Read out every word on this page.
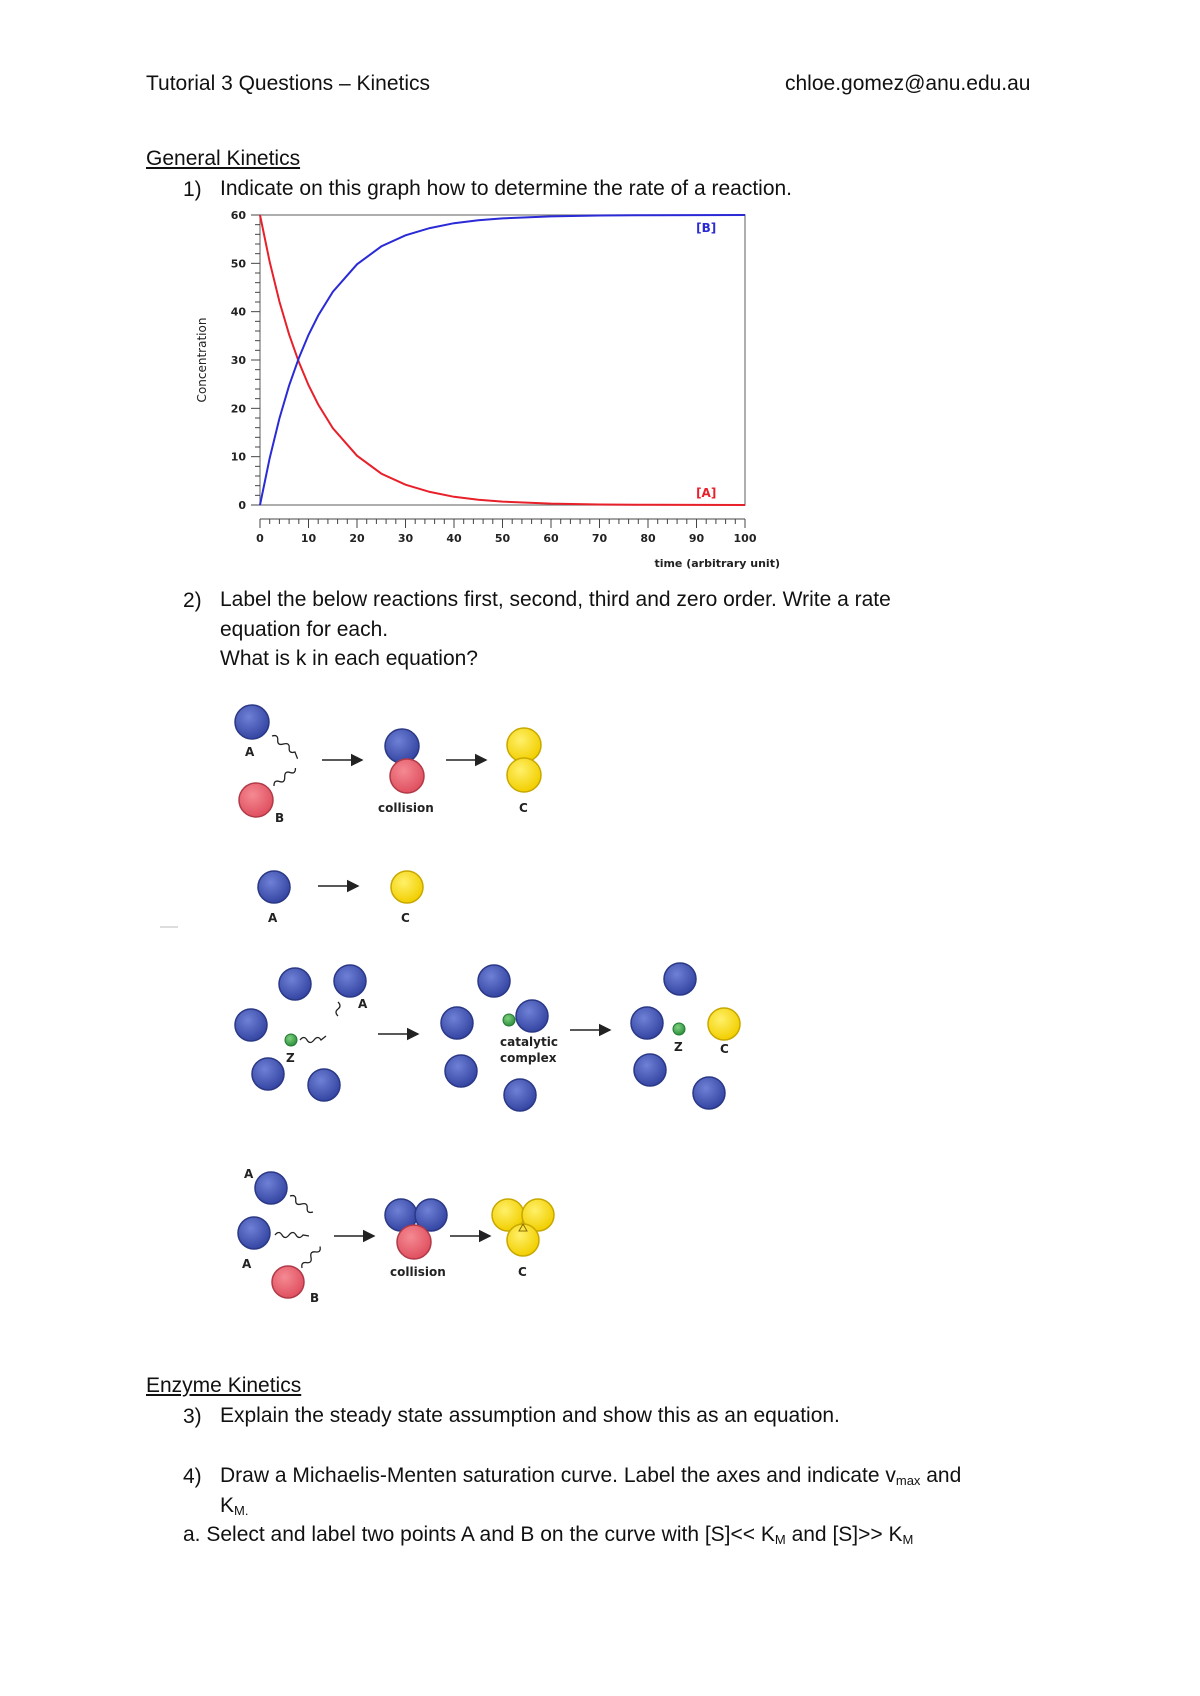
Tutorial 3 Questions – Kinetics	chloe.gomez@anu.edu.au
General Kinetics
1) Indicate on this graph how to determine the rate of a reaction.
0
10
20
30
40
50
60
0	10	20	30	40	50	60	70	80	90	100
time (arbitrary unit)
Concentration
[A]
[B]
2) Label the below reactions first, second, third and zero order. Write a rate
equation for each.
What is k in each equation?
A
B
collision	C
A	C
A
Z
catalytic
complex
Z	C
A
A
B
collision	C
Enzyme Kinetics
3) Explain the steady state assumption and show this as an equation.
4) Draw a Michaelis-Menten saturation curve. Label the axes and indicate $v_{max}$ and
$K_{M.}$
a. Select and label two points A and B on the curve with $[S]<< K_M$ and $[S]>> K_M$
